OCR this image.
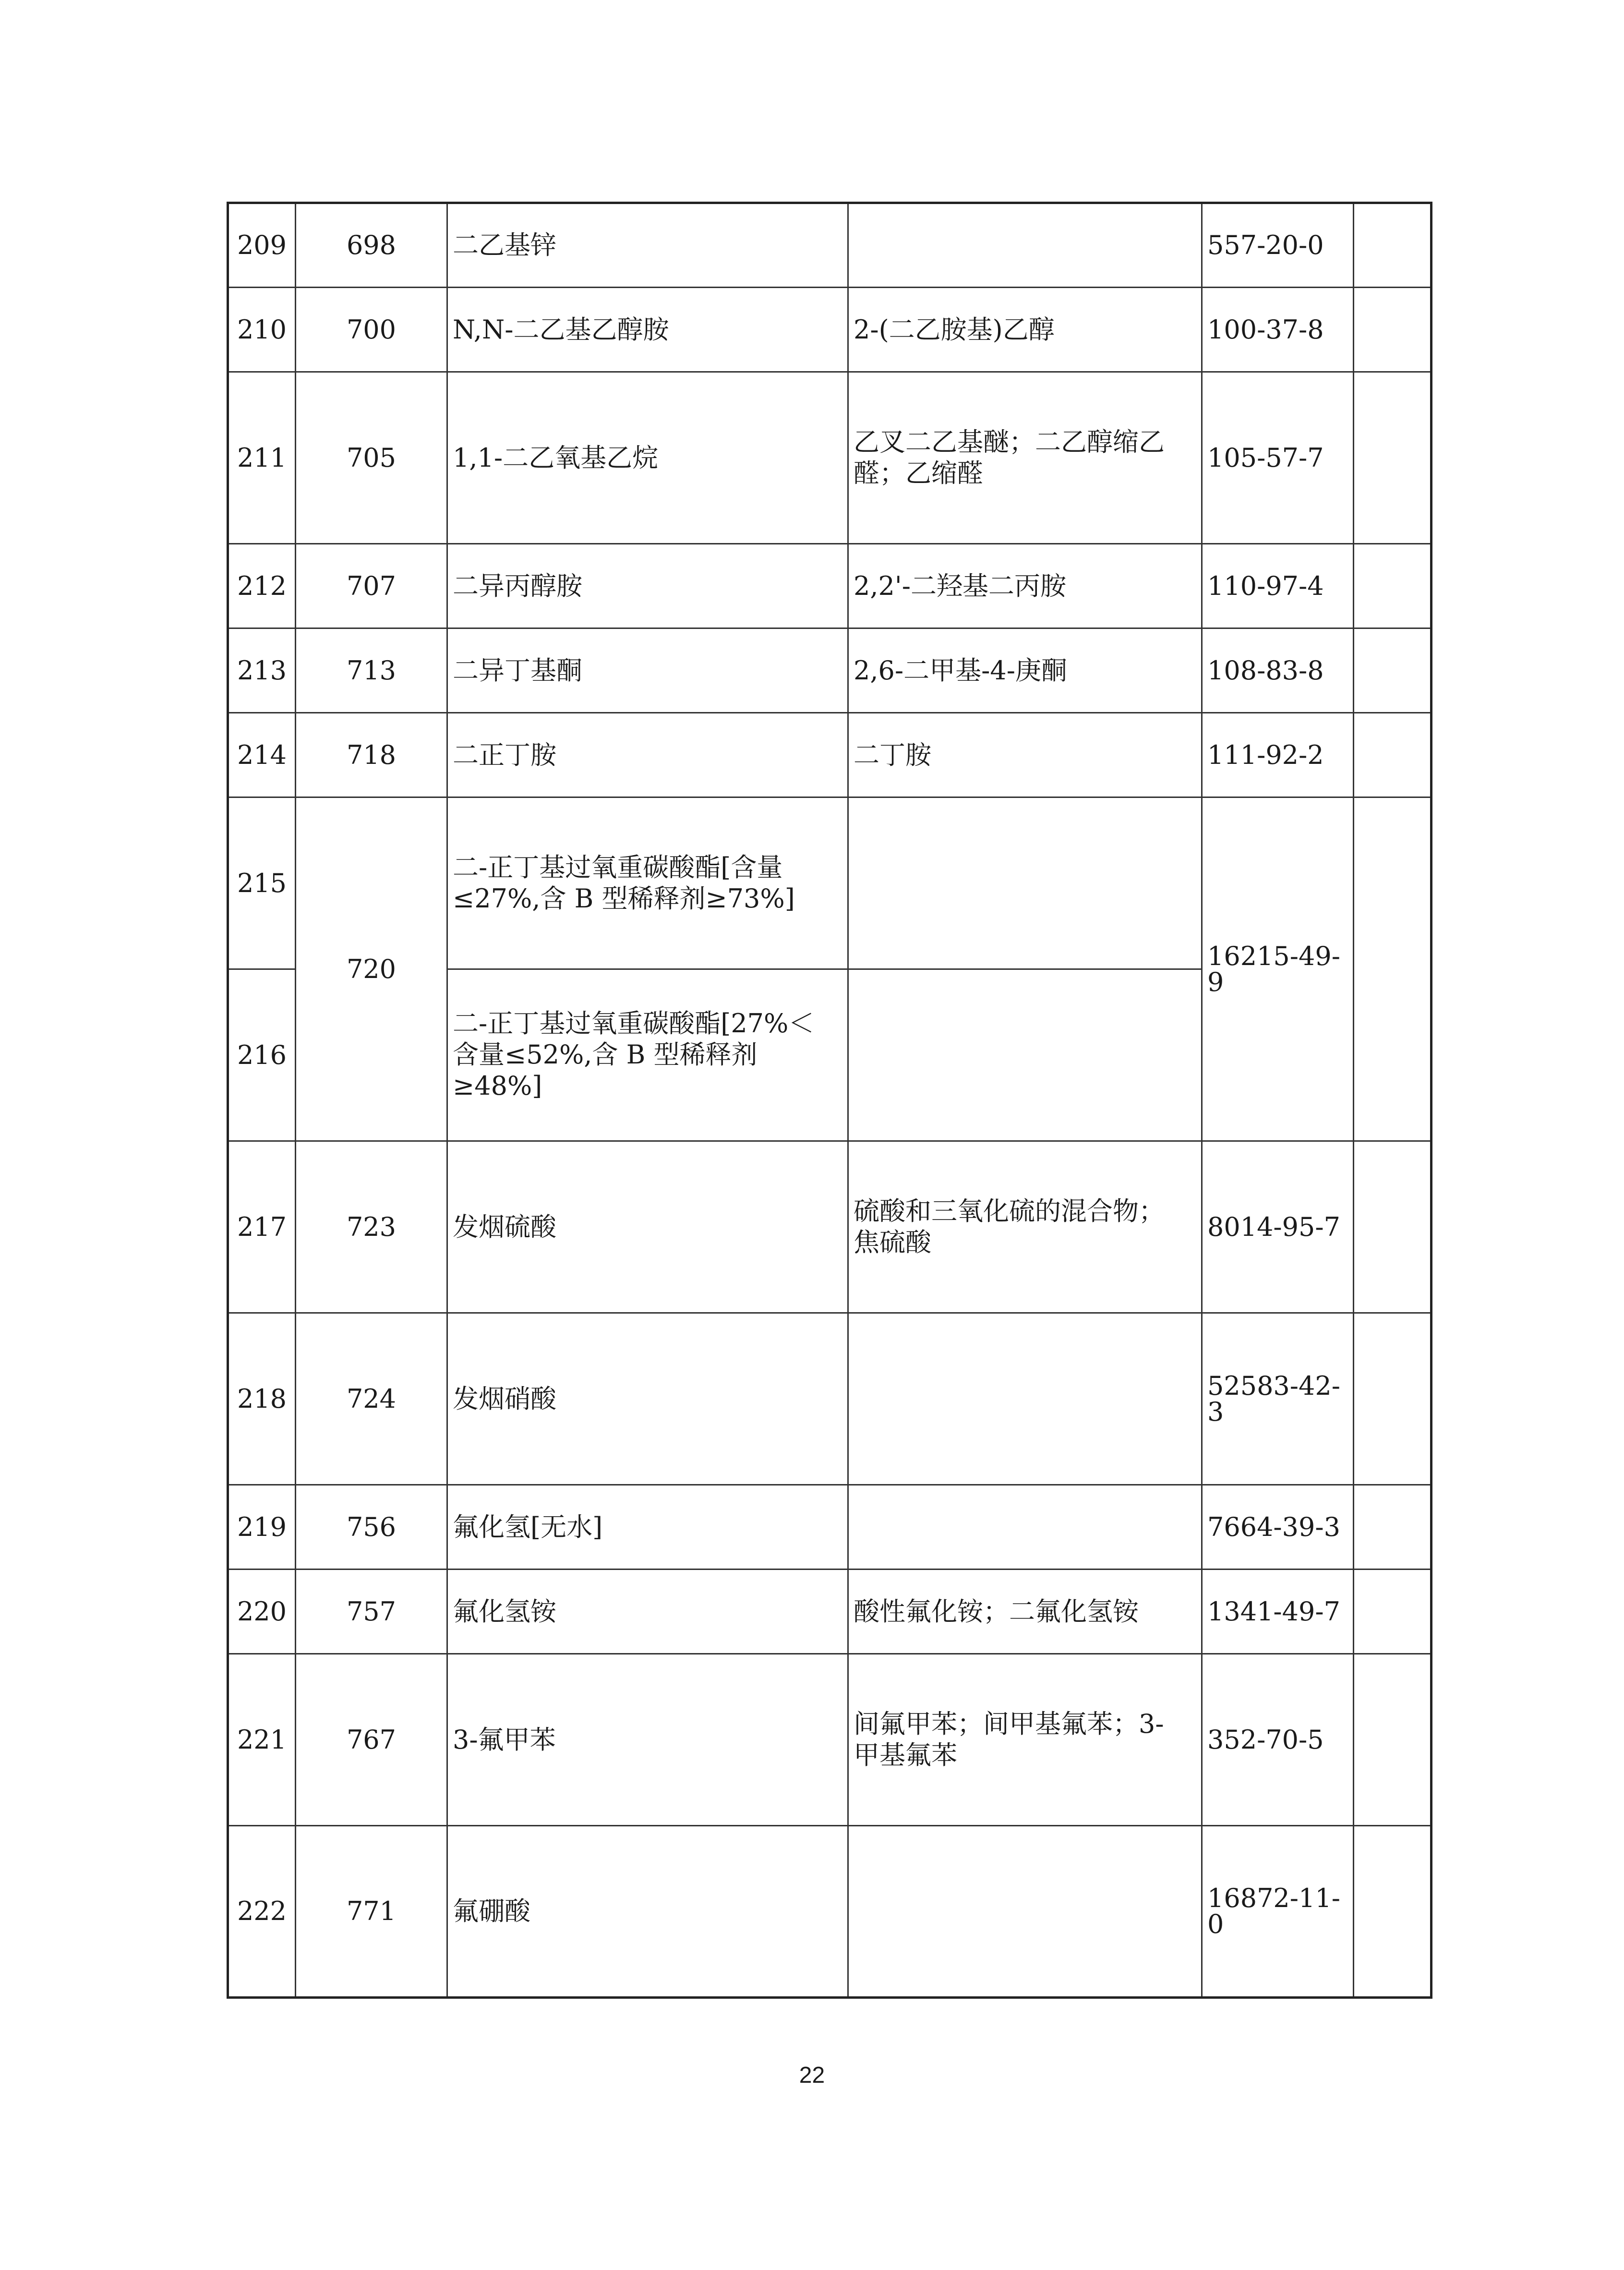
209	698	二乙基锌		557-20-0	
210	700	N,N-二乙基乙醇胺	2-(二乙胺基)乙醇	100-37-8	
211	705	1,1-二乙氧基乙烷	乙叉二乙基醚；二乙醇缩乙
醛；乙缩醛	105-57-7	
212	707	二异丙醇胺	2,2'-二羟基二丙胺	110-97-4	
213	713	二异丁基酮	2,6-二甲基-4-庚酮	108-83-8	
214	718	二正丁胺	二丁胺	111-92-2	
215	720	二-正丁基过氧重碳酸酯[含量
≤27%,含 B 型稀释剂≥73%]		16215-49-
9	

216		二-正丁基过氧重碳酸酯[27%＜
含量≤52%,含 B 型稀释剂≥48%]			

217	723	发烟硫酸	硫酸和三氧化硫的混合物；
焦硫酸	8014-95-7	
218	724	发烟硝酸		52583-42-
3	

219	756	氟化氢[无水]		7664-39-3	
220	757	氟化氢铵	酸性氟化铵；二氟化氢铵	1341-49-7	
221	767	3-氟甲苯	间氟甲苯；间甲基氟苯；3-
甲基氟苯	352-70-5	
222	771	氟硼酸		16872-11-
0	

22
